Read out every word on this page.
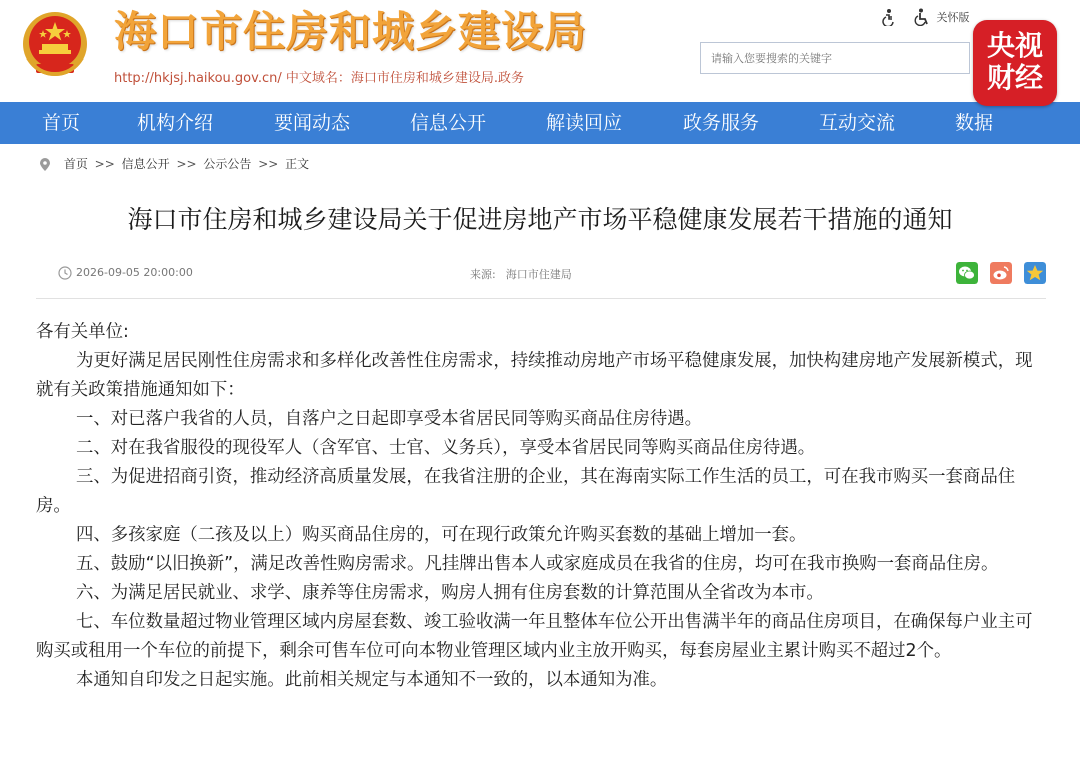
海口市住房和城乡建设局
http://hkjsj.haikou.gov.cn/ 中文域名：海口市住房和城乡建设局.政务
关怀版
请输入您要搜索的关键字
央视
财经
首页	机构介绍	要闻动态	信息公开	解读回应	政务服务	互动交流	数据
首页 >> 信息公开 >> 公示公告 >> 正文
海口市住房和城乡建设局关于促进房地产市场平稳健康发展若干措施的通知
2026-09-05 20:00:00	来源: 海口市住建局

各有关单位:

为更好满足居民刚性住房需求和多样化改善性住房需求，持续推动房地产市场平稳健康发展，加快构建房地产发展新模式，现就有关政策措施通知如下：

一、对已落户我省的人员，自落户之日起即享受本省居民同等购买商品住房待遇。

二、对在我省服役的现役军人（含军官、士官、义务兵），享受本省居民同等购买商品住房待遇。

三、为促进招商引资，推动经济高质量发展，在我省注册的企业，其在海南实际工作生活的员工，可在我市购买一套商品住房。

四、多孩家庭（二孩及以上）购买商品住房的，可在现行政策允许购买套数的基础上增加一套。

五、鼓励“以旧换新”，满足改善性购房需求。凡挂牌出售本人或家庭成员在我省的住房，均可在我市换购一套商品住房。

六、为满足居民就业、求学、康养等住房需求，购房人拥有住房套数的计算范围从全省改为本市。

七、车位数量超过物业管理区域内房屋套数、竣工验收满一年且整体车位公开出售满半年的商品住房项目，在确保每户业主可购买或租用一个车位的前提下，剩余可售车位可向本物业管理区域内业主放开购买，每套房屋业主累计购买不超过2个。

本通知自印发之日起实施。此前相关规定与本通知不一致的，以本通知为准。
